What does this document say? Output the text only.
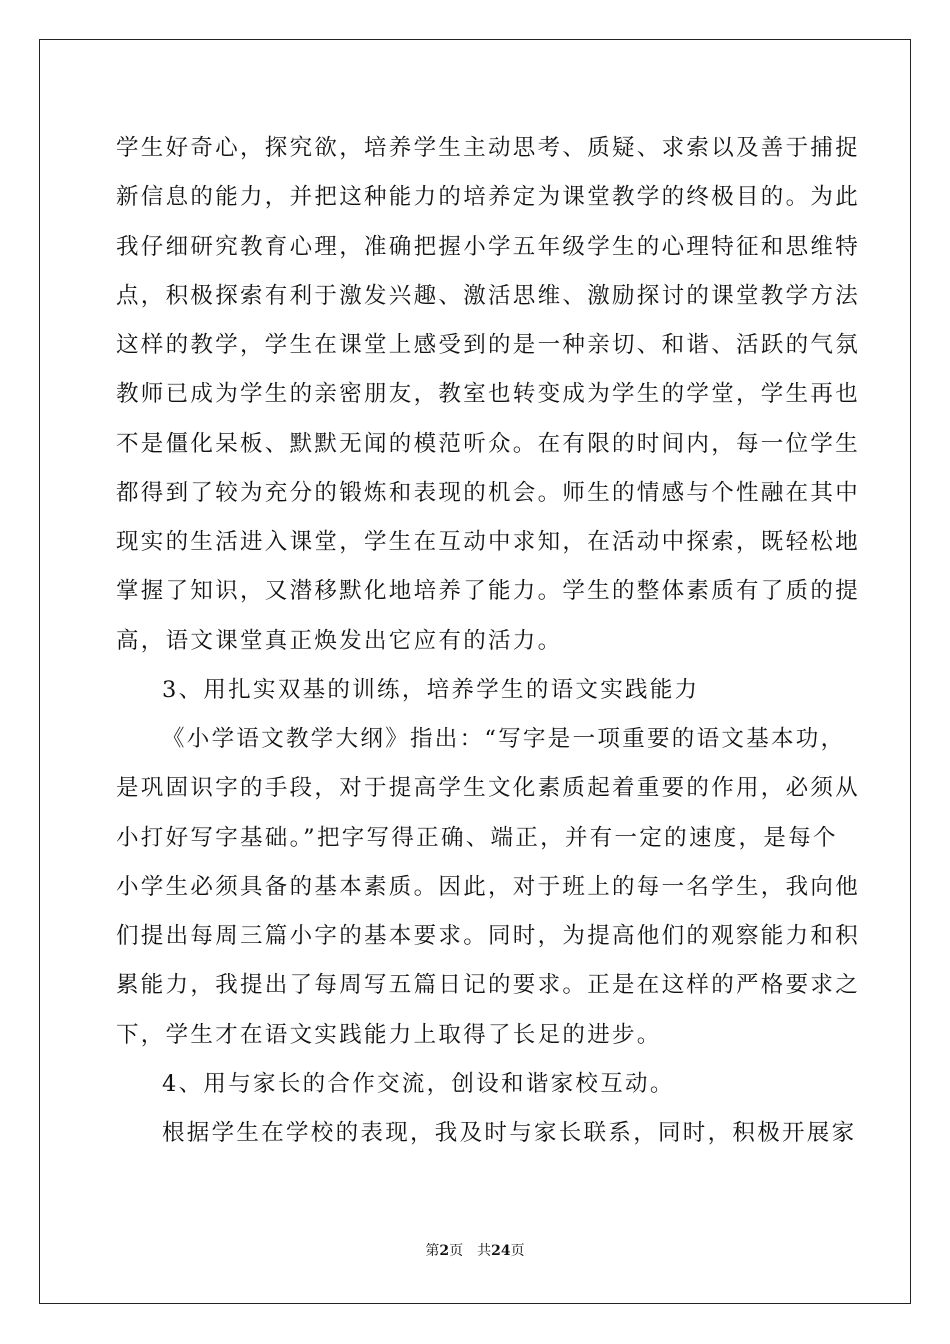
学生好奇心，探究欲，培养学生主动思考、质疑、求索以及善于捕捉
新信息的能力，并把这种能力的培养定为课堂教学的终极目的。为此
我仔细研究教育心理，准确把握小学五年级学生的心理特征和思维特
点，积极探索有利于激发兴趣、激活思维、激励探讨的课堂教学方法
这样的教学，学生在课堂上感受到的是一种亲切、和谐、活跃的气氛
教师已成为学生的亲密朋友，教室也转变成为学生的学堂，学生再也
不是僵化呆板、默默无闻的模范听众。在有限的时间内，每一位学生
都得到了较为充分的锻炼和表现的机会。师生的情感与个性融在其中
现实的生活进入课堂，学生在互动中求知，在活动中探索，既轻松地
掌握了知识，又潜移默化地培养了能力。学生的整体素质有了质的提
高，语文课堂真正焕发出它应有的活力。
3、用扎实双基的训练，培养学生的语文实践能力
《小学语文教学大纲》指出：“写字是一项重要的语文基本功，
是巩固识字的手段，对于提高学生文化素质起着重要的作用，必须从
小打好写字基础。”把字写得正确、端正，并有一定的速度，是每个
小学生必须具备的基本素质。因此，对于班上的每一名学生，我向他
们提出每周三篇小字的基本要求。同时，为提高他们的观察能力和积
累能力，我提出了每周写五篇日记的要求。正是在这样的严格要求之
下，学生才在语文实践能力上取得了长足的进步。
4、用与家长的合作交流，创设和谐家校互动。
根据学生在学校的表现，我及时与家长联系，同时，积极开展家
第2页 共24页
